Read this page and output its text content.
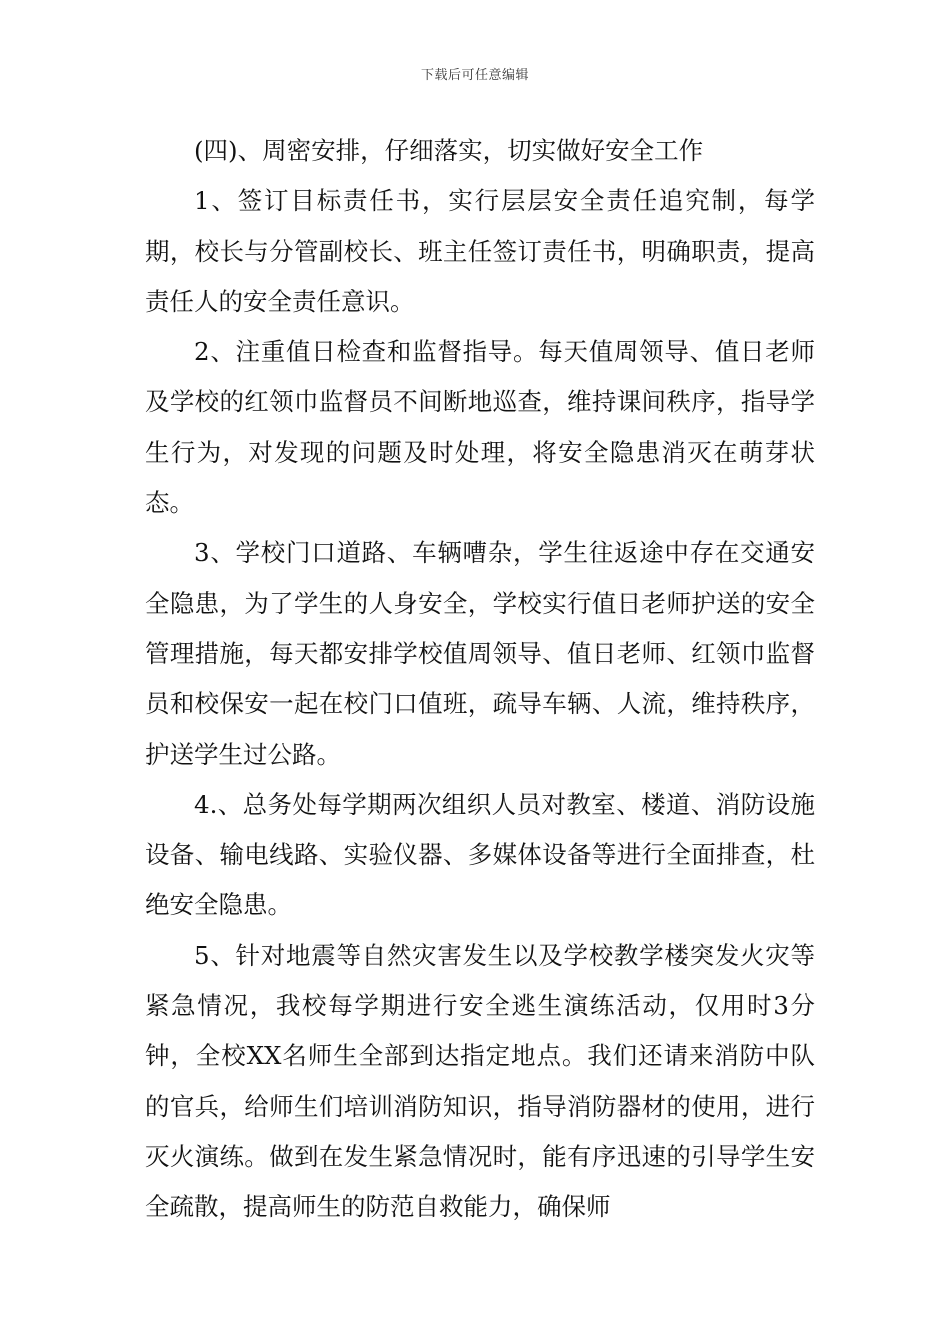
下载后可任意编辑

(四)、周密安排，仔细落实，切实做好安全工作

1、签订目标责任书，实行层层安全责任追究制，每学期，校长与分管副校长、班主任签订责任书，明确职责，提高责任人的安全责任意识。

2、注重值日检查和监督指导。每天值周领导、值日老师及学校的红领巾监督员不间断地巡查，维持课间秩序，指导学生行为，对发现的问题及时处理，将安全隐患消灭在萌芽状态。

3、学校门口道路、车辆嘈杂，学生往返途中存在交通安全隐患，为了学生的人身安全，学校实行值日老师护送的安全管理措施，每天都安排学校值周领导、值日老师、红领巾监督员和校保安一起在校门口值班，疏导车辆、人流，维持秩序，护送学生过公路。

4.、总务处每学期两次组织人员对教室、楼道、消防设施设备、输电线路、实验仪器、多媒体设备等进行全面排查，杜绝安全隐患。

5、针对地震等自然灾害发生以及学校教学楼突发火灾等紧急情况，我校每学期进行安全逃生演练活动，仅用时3分钟，全校XX名师生全部到达指定地点。我们还请来消防中队的官兵，给师生们培训消防知识，指导消防器材的使用，进行灭火演练。做到在发生紧急情况时，能有序迅速的引导学生安全疏散，提高师生的防范自救能力，确保师
